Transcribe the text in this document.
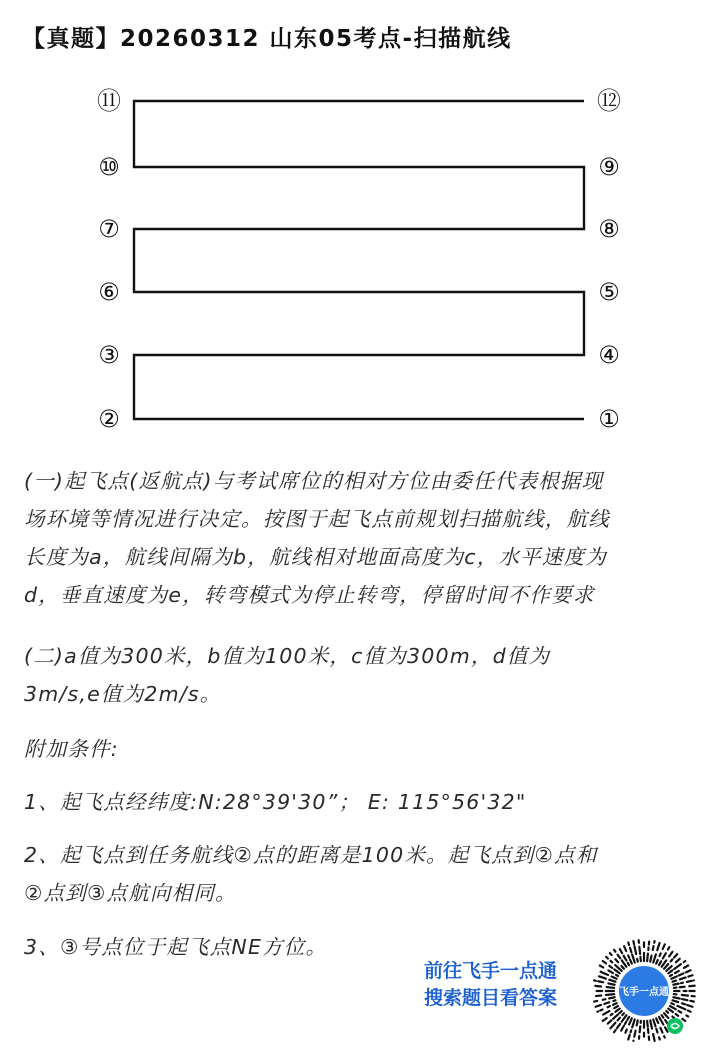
【真题】20260312 山东05考点-扫描航线
①
②
③	④
⑤
⑥
⑦	⑧
⑨
⑩
⑪	⑫

(一)起飞点(返航点)与考试席位的相对方位由委任代表根据现

场环境等情况进行决定。按图于起飞点前规划扫描航线，航线

长度为a，航线间隔为b，航线相对地面高度为c，水平速度为

d，垂直速度为e，转弯模式为停止转弯，停留时间不作要求

(二)a值为300米，b值为100米，c值为300m，d值为

3m/s,e值为2m/s。

附加条件:

1、起飞点经纬度:N:28°39'30”； E: 115°56'32"

2、起飞点到任务航线②点的距离是100米。起飞点到②点和

②点到③点航向相同。

3、③号点位于起飞点NE方位。

前往飞手一点通
搜索题目看答案	飞手一点通
